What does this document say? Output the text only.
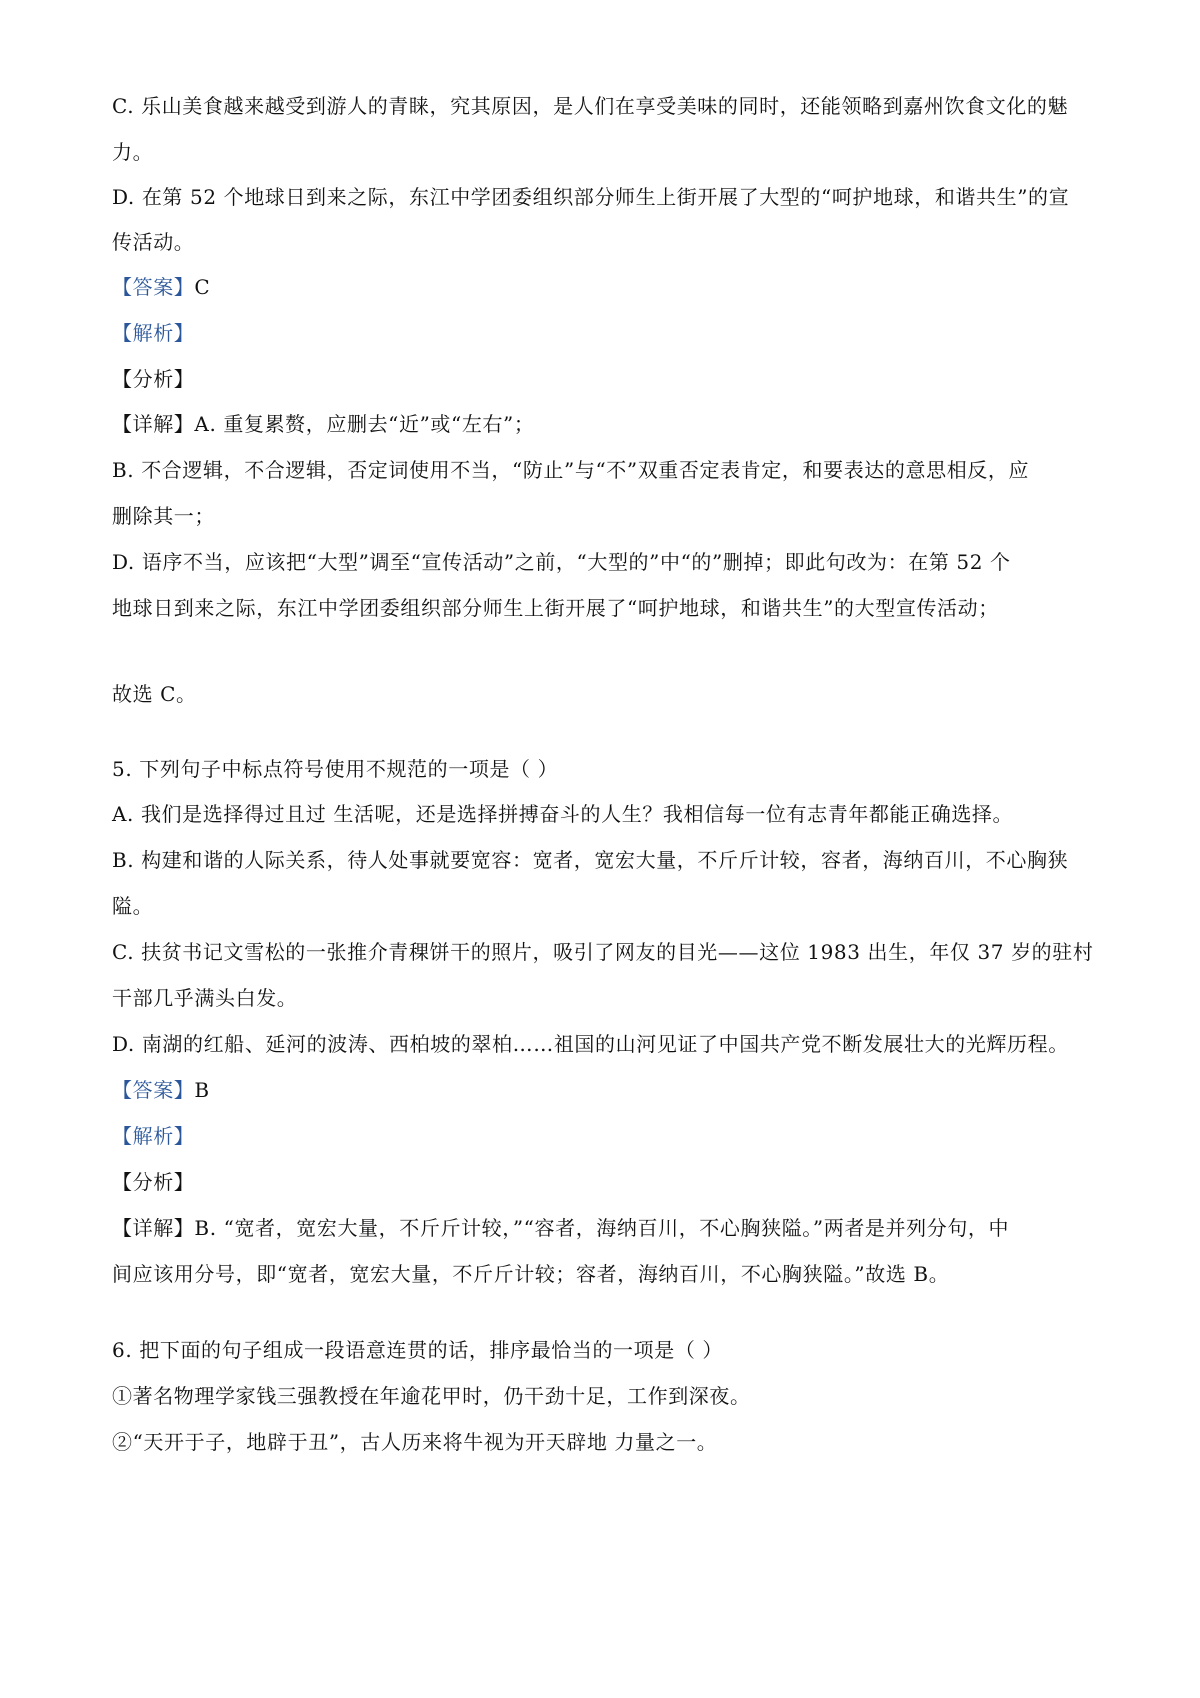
C. 乐山美食越来越受到游人的青睐，究其原因，是人们在享受美味的同时，还能领略到嘉州饮食文化的魅

力。

D. 在第 52 个地球日到来之际，东江中学团委组织部分师生上街开展了大型的“呵护地球，和谐共生”的宣

传活动。

【答案】C

【解析】

【分析】

【详解】A. 重复累赘，应删去“近”或“左右”；

B. 不合逻辑，不合逻辑，否定词使用不当，“防止”与“不”双重否定表肯定，和要表达的意思相反，应

删除其一；

D. 语序不当，应该把“大型”调至“宣传活动”之前，“大型的”中“的”删掉；即此句改为：在第 52 个

地球日到来之际，东江中学团委组织部分师生上街开展了“呵护地球，和谐共生”的大型宣传活动；

故选 C。

5. 下列句子中标点符号使用不规范的一项是（ ）

A. 我们是选择得过且过 生活呢，还是选择拼搏奋斗的人生？我相信每一位有志青年都能正确选择。

B. 构建和谐的人际关系，待人处事就要宽容：宽者，宽宏大量，不斤斤计较，容者，海纳百川，不心胸狭

隘。

C. 扶贫书记文雪松的一张推介青稞饼干的照片，吸引了网友的目光——这位 1983 出生，年仅 37 岁的驻村

干部几乎满头白发。

D. 南湖的红船、延河的波涛、西柏坡的翠柏……祖国的山河见证了中国共产党不断发展壮大的光辉历程。

【答案】B

【解析】

【分析】

【详解】B. “宽者，宽宏大量，不斤斤计较，”“容者，海纳百川，不心胸狭隘。”两者是并列分句，中

间应该用分号，即“宽者，宽宏大量，不斤斤计较；容者，海纳百川，不心胸狭隘。”故选 B。

6. 把下面的句子组成一段语意连贯的话，排序最恰当的一项是（ ）

①著名物理学家钱三强教授在年逾花甲时，仍干劲十足，工作到深夜。

②“天开于子，地辟于丑”，古人历来将牛视为开天辟地 力量之一。
